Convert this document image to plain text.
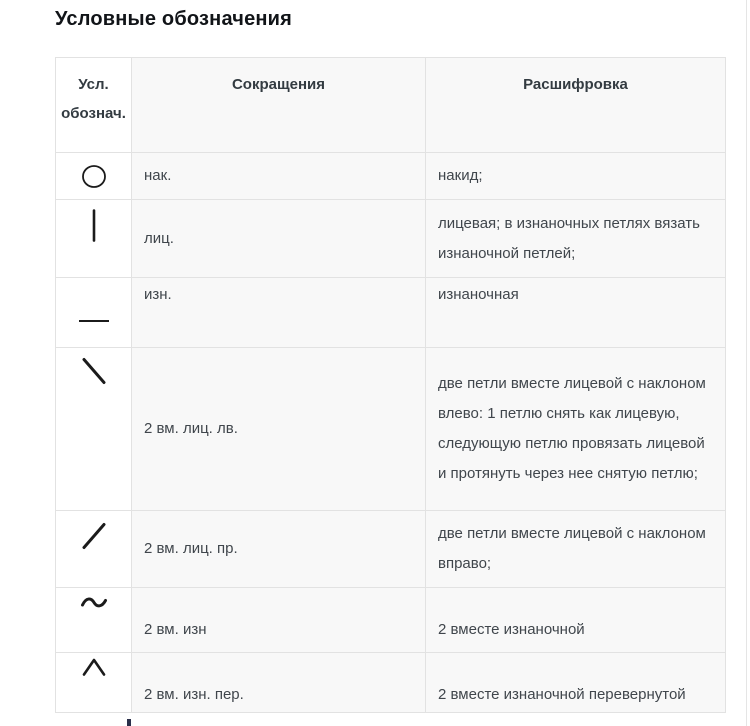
Условные обозначения
Усл. обознач.	Сокращения	Расшифровка

	нак.	накид;

	лиц.	лицевая; в изнаночных петлях вязать изнаночной петлей;

	изн.	изнаночная

	2 вм. лиц. лв.	две петли вместе лицевой с наклоном влево: 1 петлю снять как лицевую, следующую петлю провязать лицевой и протянуть через нее снятую петлю;

	2 вм. лиц. пр.	две петли вместе лицевой с наклоном вправо;

	2 вм. изн	2 вместе изнаночной

	2 вм. изн. пер.	2 вместе изнаночной перевернутой
